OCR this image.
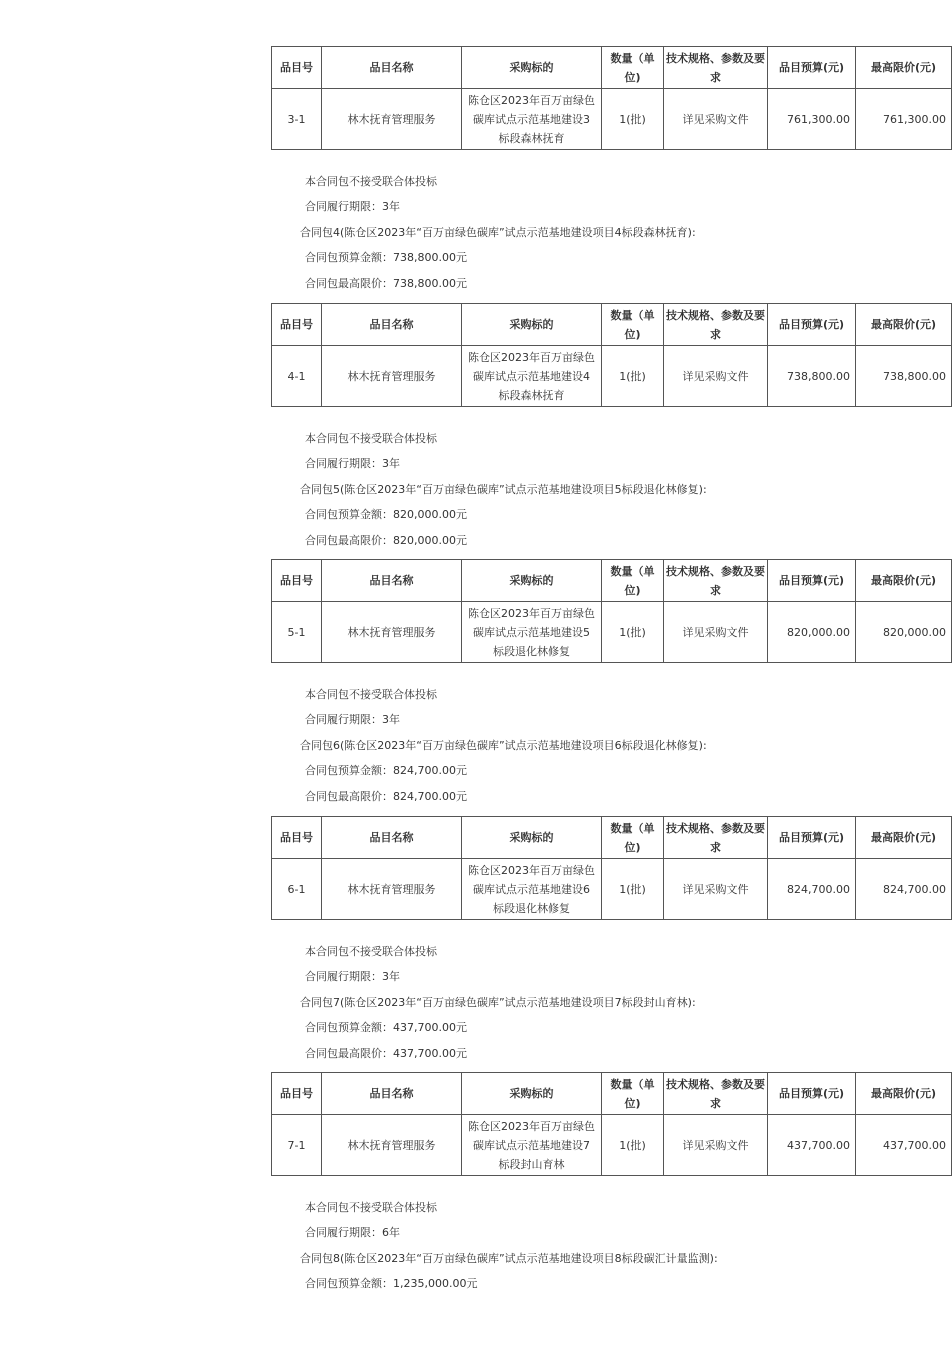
品目号	品目名称	采购标的	数量（单位)	技术规格、参数及要求	品目预算(元)	最高限价(元)
3-1	林木抚育管理服务	陈仓区2023年百万亩绿色碳库试点示范基地建设3标段森林抚育	1(批)	详见采购文件	761,300.00	761,300.00
本合同包不接受联合体投标
合同履行期限：3年
合同包4(陈仓区2023年“百万亩绿色碳库”试点示范基地建设项目4标段森林抚育):
合同包预算金额：738,800.00元
合同包最高限价：738,800.00元
品目号	品目名称	采购标的	数量（单位)	技术规格、参数及要求	品目预算(元)	最高限价(元)
4-1	林木抚育管理服务	陈仓区2023年百万亩绿色碳库试点示范基地建设4标段森林抚育	1(批)	详见采购文件	738,800.00	738,800.00
本合同包不接受联合体投标
合同履行期限：3年
合同包5(陈仓区2023年“百万亩绿色碳库”试点示范基地建设项目5标段退化林修复):
合同包预算金额：820,000.00元
合同包最高限价：820,000.00元
品目号	品目名称	采购标的	数量（单位)	技术规格、参数及要求	品目预算(元)	最高限价(元)
5-1	林木抚育管理服务	陈仓区2023年百万亩绿色碳库试点示范基地建设5标段退化林修复	1(批)	详见采购文件	820,000.00	820,000.00
本合同包不接受联合体投标
合同履行期限：3年
合同包6(陈仓区2023年“百万亩绿色碳库”试点示范基地建设项目6标段退化林修复):
合同包预算金额：824,700.00元
合同包最高限价：824,700.00元
品目号	品目名称	采购标的	数量（单位)	技术规格、参数及要求	品目预算(元)	最高限价(元)
6-1	林木抚育管理服务	陈仓区2023年百万亩绿色碳库试点示范基地建设6标段退化林修复	1(批)	详见采购文件	824,700.00	824,700.00
本合同包不接受联合体投标
合同履行期限：3年
合同包7(陈仓区2023年“百万亩绿色碳库”试点示范基地建设项目7标段封山育林):
合同包预算金额：437,700.00元
合同包最高限价：437,700.00元
品目号	品目名称	采购标的	数量（单位)	技术规格、参数及要求	品目预算(元)	最高限价(元)
7-1	林木抚育管理服务	陈仓区2023年百万亩绿色碳库试点示范基地建设7标段封山育林	1(批)	详见采购文件	437,700.00	437,700.00
本合同包不接受联合体投标
合同履行期限：6年
合同包8(陈仓区2023年“百万亩绿色碳库”试点示范基地建设项目8标段碳汇计量监测):
合同包预算金额：1,235,000.00元
